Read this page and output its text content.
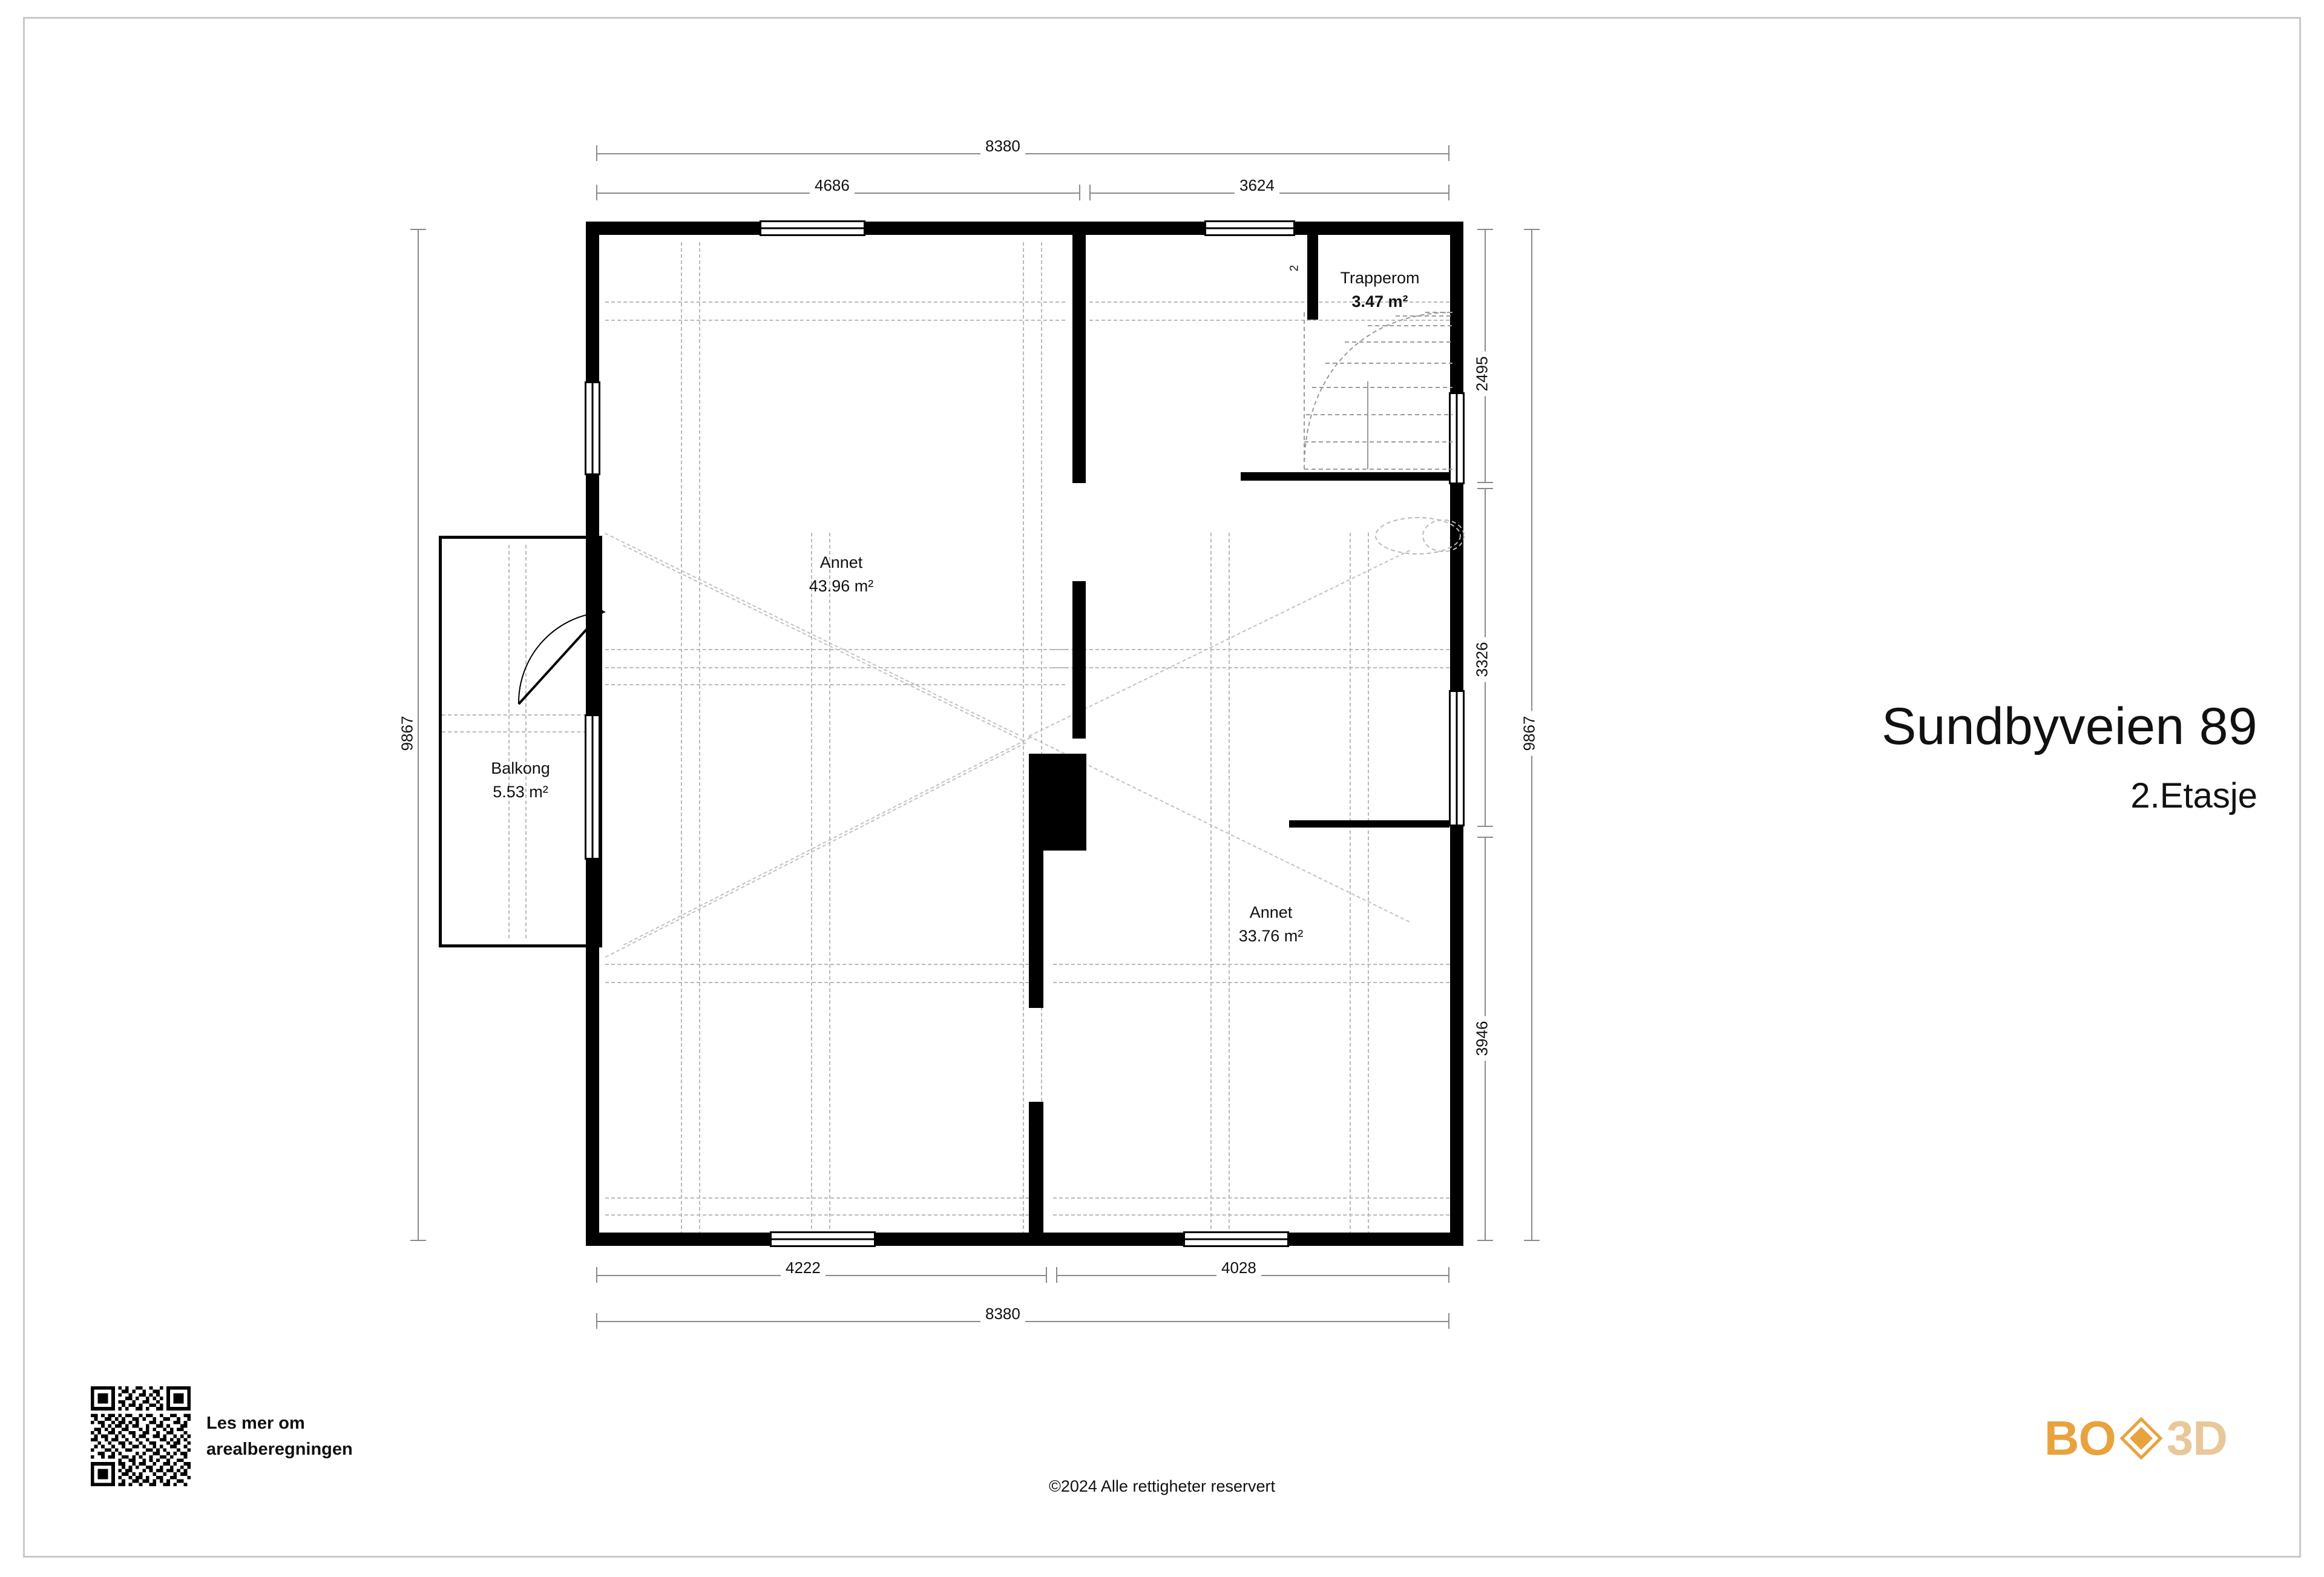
8380
4686	3624
4222	4028
8380
9867
2495
3326
3946
9867
Balkong
5.53 m²
2
Trapperom
3.47 m²
Annet
43.96 m²
Annet
33.76 m²
Sundbyveien 89
2.Etasje
Les mer om
arealberegningen
©2024 Alle rettigheter reservert
BO 3D
